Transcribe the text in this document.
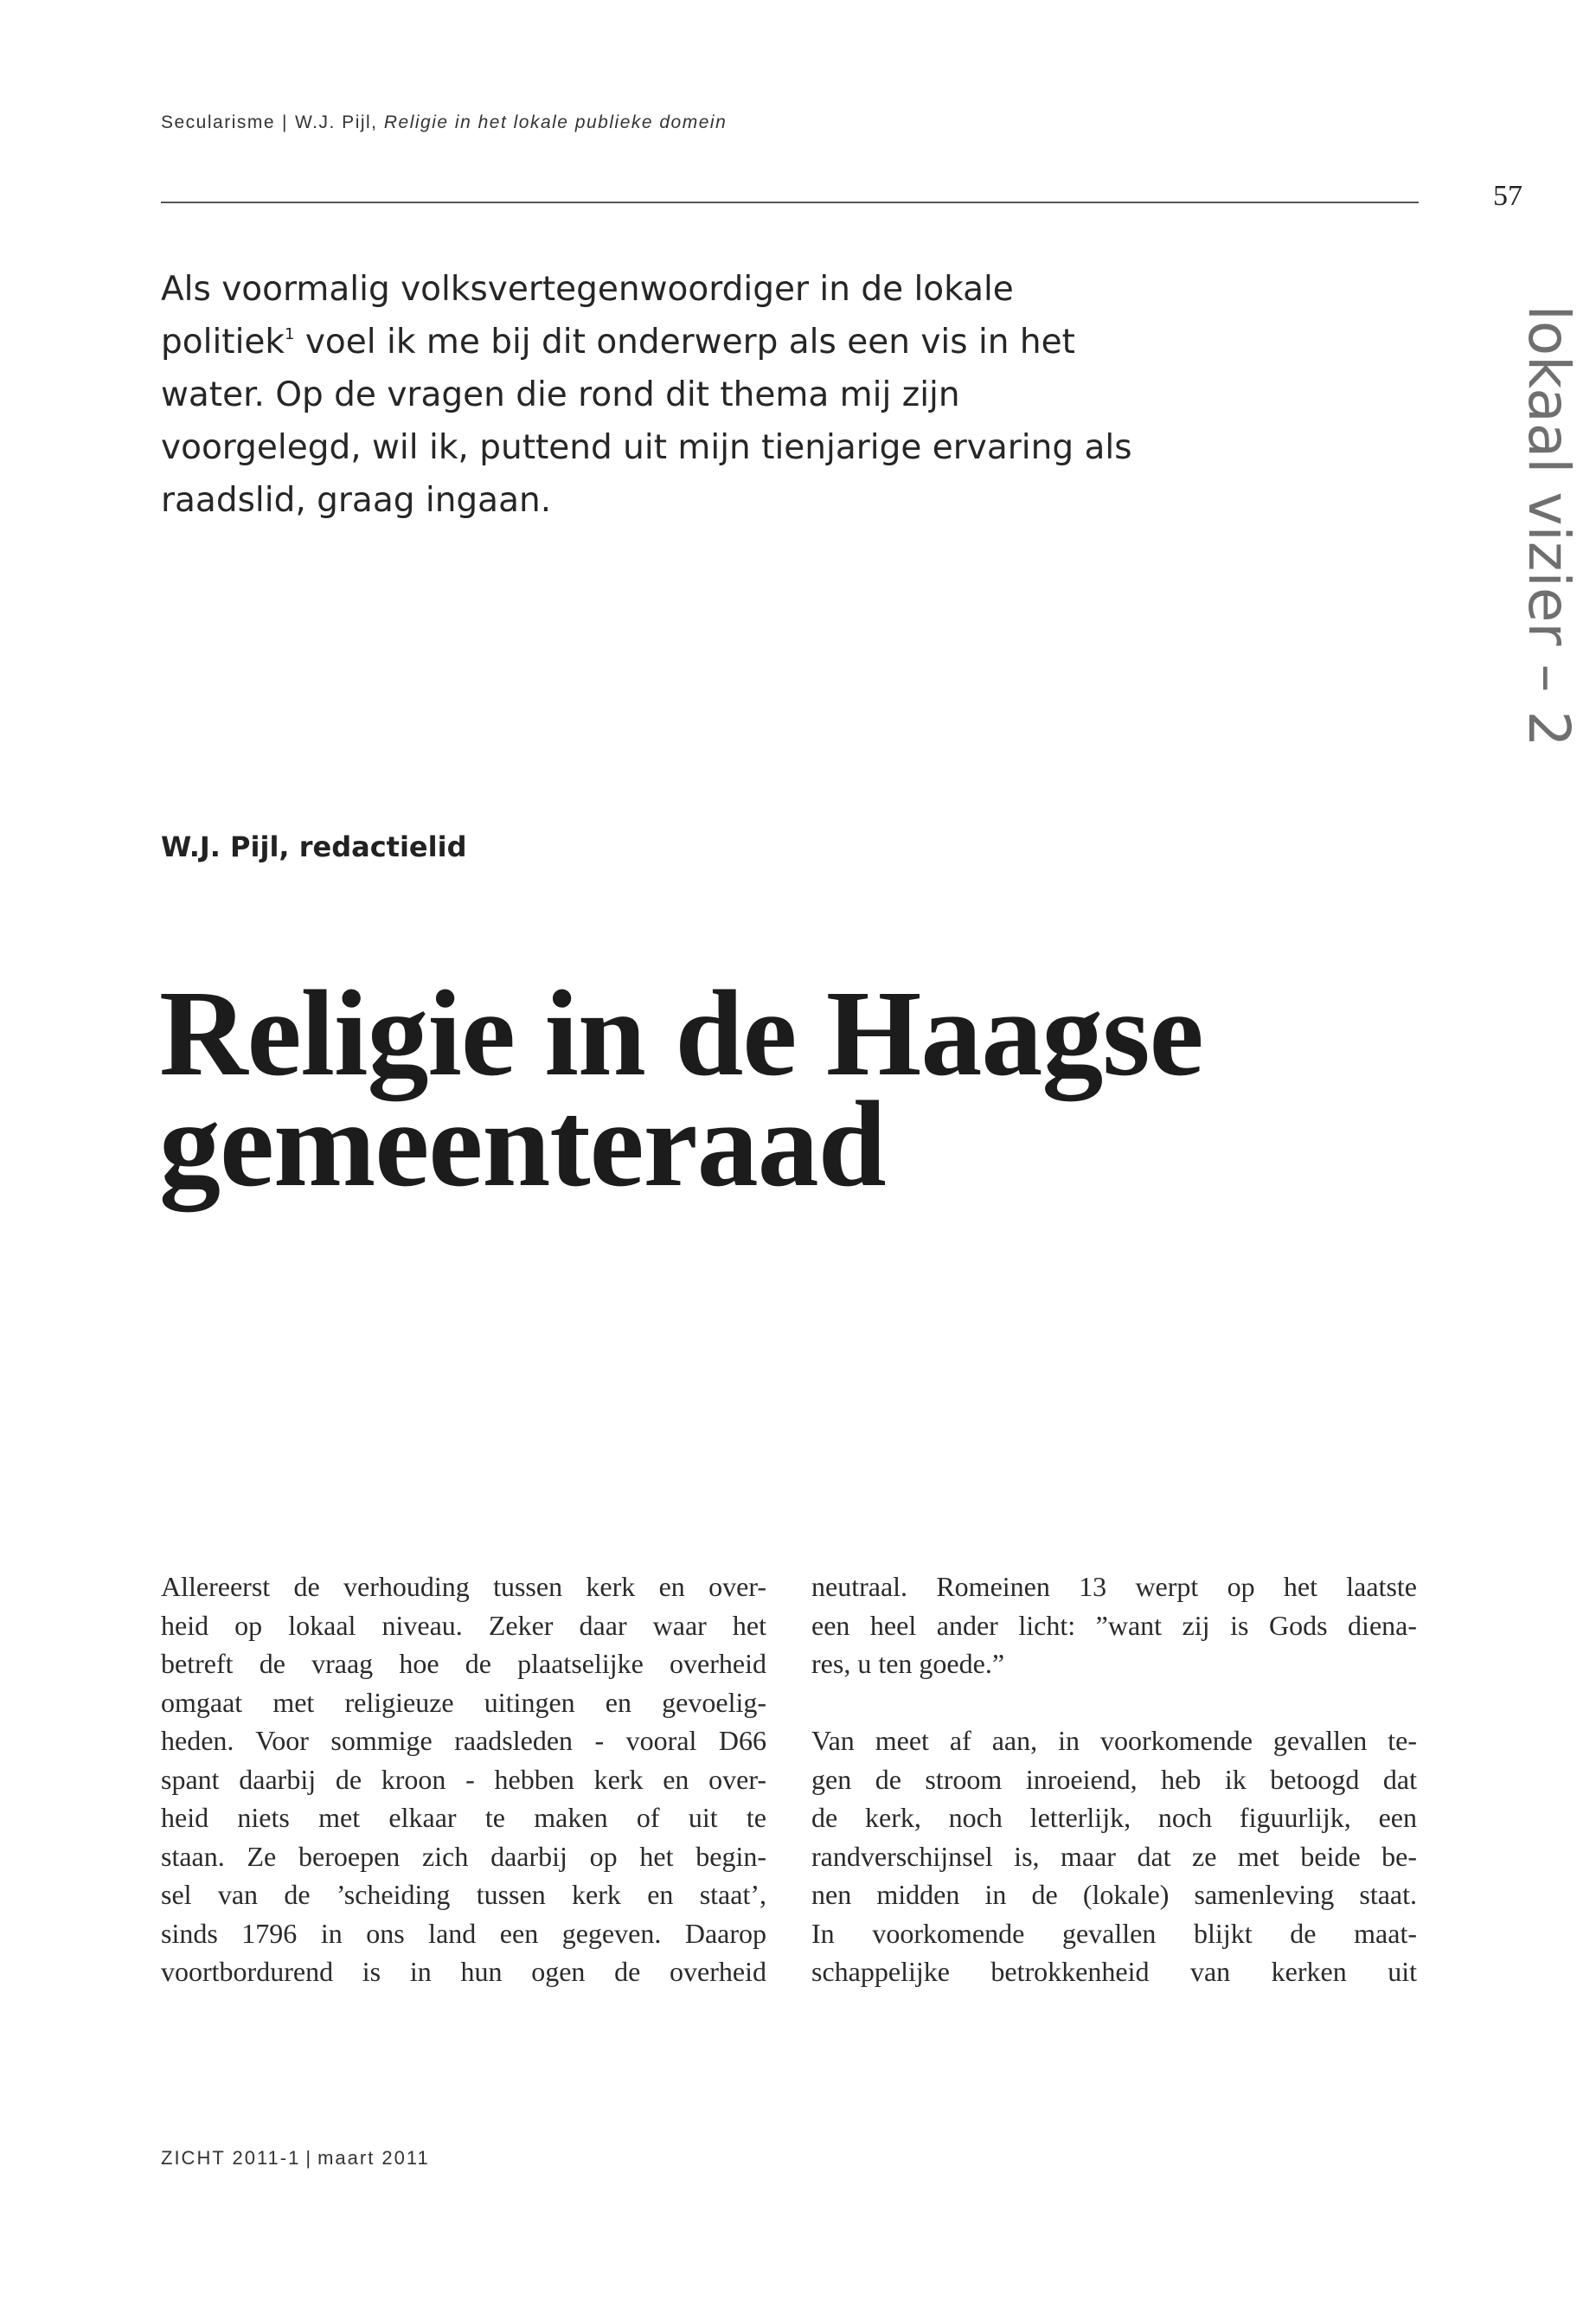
Secularisme | W.J. Pijl, Religie in het lokale publieke domein
57

Als voormalig volksvertegenwoordiger in de lokale politiek$^1$ voel ik me bij dit onderwerp als een vis in het water. Op de vragen die rond dit thema mij zijn voorgelegd, wil ik, puttend uit mijn tienjarige ervaring als raadslid, graag ingaan.	lokaal vizier – 2
W.J. Pijl, redactielid
Religie in de Haagse
gemeenteraad

Allereerst de verhouding tussen kerk en over-

heid op lokaal niveau. Zeker daar waar het

betreft de vraag hoe de plaatselijke overheid

omgaat met religieuze uitingen en gevoelig-

heden. Voor sommige raadsleden - vooral D66

spant daarbij de kroon - hebben kerk en over-

heid niets met elkaar te maken of uit te

staan. Ze beroepen zich daarbij op het begin-

sel van de ’scheiding tussen kerk en staat’,

sinds 1796 in ons land een gegeven. Daarop

voortbordurend is in hun ogen de overheid

neutraal. Romeinen 13 werpt op het laatste

een heel ander licht: ”want zij is Gods diena-

res, u ten goede.”

Van meet af aan, in voorkomende gevallen te-

gen de stroom inroeiend, heb ik betoogd dat

de kerk, noch letterlijk, noch figuurlijk, een

randverschijnsel is, maar dat ze met beide be-

nen midden in de (lokale) samenleving staat.

In voorkomende gevallen blijkt de maat-

schappelijke betrokkenheid van kerken uit

ZICHT 2011-1 | maart 2011
